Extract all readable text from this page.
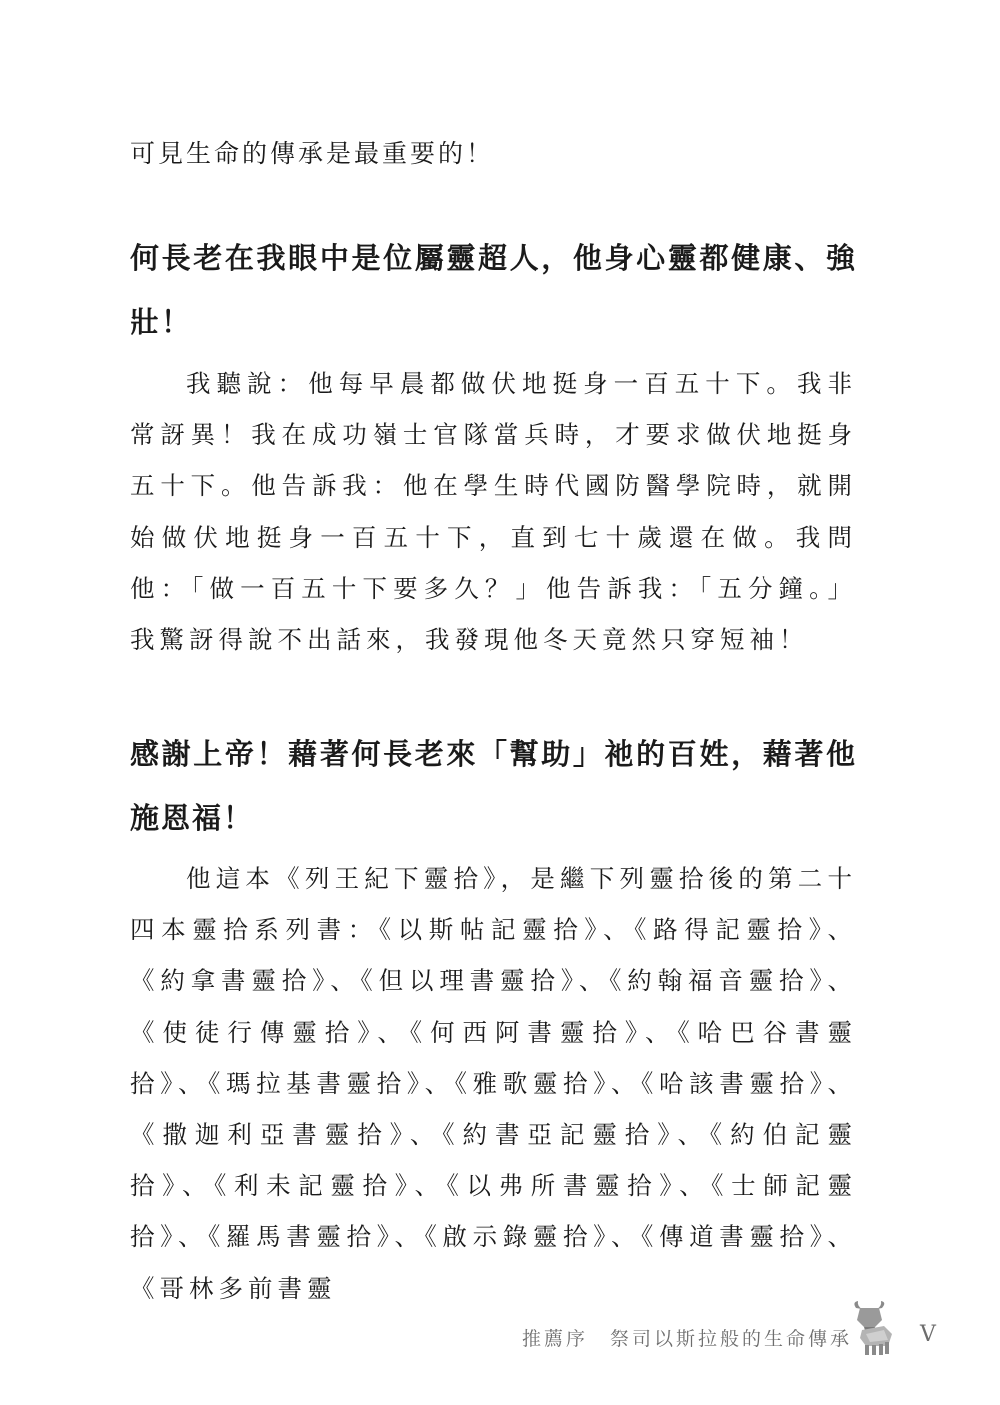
可見生命的傳承是最重要的！
何長老在我眼中是位屬靈超人，他身心靈都健康、強壯！
我聽說：他每早晨都做伏地挺身一百五十下。我非常訝異！我在成功嶺士官隊當兵時，才要求做伏地挺身五十下。他告訴我：他在學生時代國防醫學院時，就開始做伏地挺身一百五十下，直到七十歲還在做。我問他：「做一百五十下要多久？」他告訴我：「五分鐘。」我驚訝得說不出話來，我發現他冬天竟然只穿短袖！
感謝上帝！藉著何長老來「幫助」祂的百姓，藉著他施恩福！
他這本《列王紀下靈拾》，是繼下列靈拾後的第二十四本靈拾系列書：《以斯帖記靈拾》、《路得記靈拾》、《約拿書靈拾》、《但以理書靈拾》、《約翰福音靈拾》、《使徒行傳靈拾》、《何西阿書靈拾》、《哈巴谷書靈拾》、《瑪拉基書靈拾》、《雅歌靈拾》、《哈該書靈拾》、《撒迦利亞書靈拾》、《約書亞記靈拾》、《約伯記靈拾》、《利未記靈拾》、《以弗所書靈拾》、《士師記靈拾》、《羅馬書靈拾》、《啟示錄靈拾》、《傳道書靈拾》、《哥林多前書靈
推薦序　祭司以斯拉般的生命傳承	V
